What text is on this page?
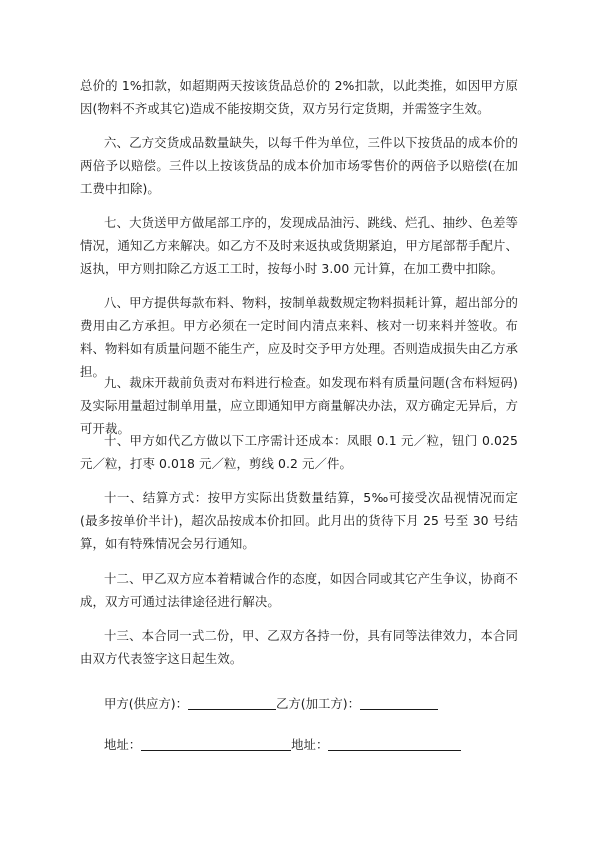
总价的 1%扣款，如超期两天按该货品总价的 2%扣款，以此类推，如因甲方原因(物料不齐或其它)造成不能按期交货，双方另行定货期，并需签字生效。

六、乙方交货成品数量缺失，以每千件为单位，三件以下按货品的成本价的两倍予以赔偿。三件以上按该货品的成本价加市场零售价的两倍予以赔偿(在加工费中扣除)。

七、大货送甲方做尾部工序的，发现成品油污、跳线、烂孔、抽纱、色差等情况，通知乙方来解决。如乙方不及时来返执或货期紧迫，甲方尾部帮手配片、返执，甲方则扣除乙方返工工时，按每小时 3.00 元计算，在加工费中扣除。

八、甲方提供每款布料、物料，按制单裁数规定物料损耗计算，超出部分的费用由乙方承担。甲方必须在一定时间内清点来料、核对一切来料并签收。布料、物料如有质量问题不能生产，应及时交予甲方处理。否则造成损失由乙方承担。

九、裁床开裁前负责对布料进行检查。如发现布料有质量问题(含布料短码)及实际用量超过制单用量，应立即通知甲方商量解决办法，双方确定无异后，方可开裁。

十、甲方如代乙方做以下工序需计还成本：凤眼 0.1 元／粒，钮门 0.025 元／粒，打枣 0.018 元／粒，剪线 0.2 元／件。

十一、结算方式：按甲方实际出货数量结算，5‰可接受次品视情况而定(最多按单价半计)，超次品按成本价扣回。此月出的货待下月 25 号至 30 号结算，如有特殊情况会另行通知。

十二、甲乙双方应本着精诚合作的态度，如因合同或其它产生争议，协商不成，双方可通过法律途径进行解决。

十三、本合同一式二份，甲、乙双方各持一份，具有同等法律效力，本合同由双方代表签字这日起生效。

甲方(供应方)：	乙方(加工方)：
地址：	地址：
